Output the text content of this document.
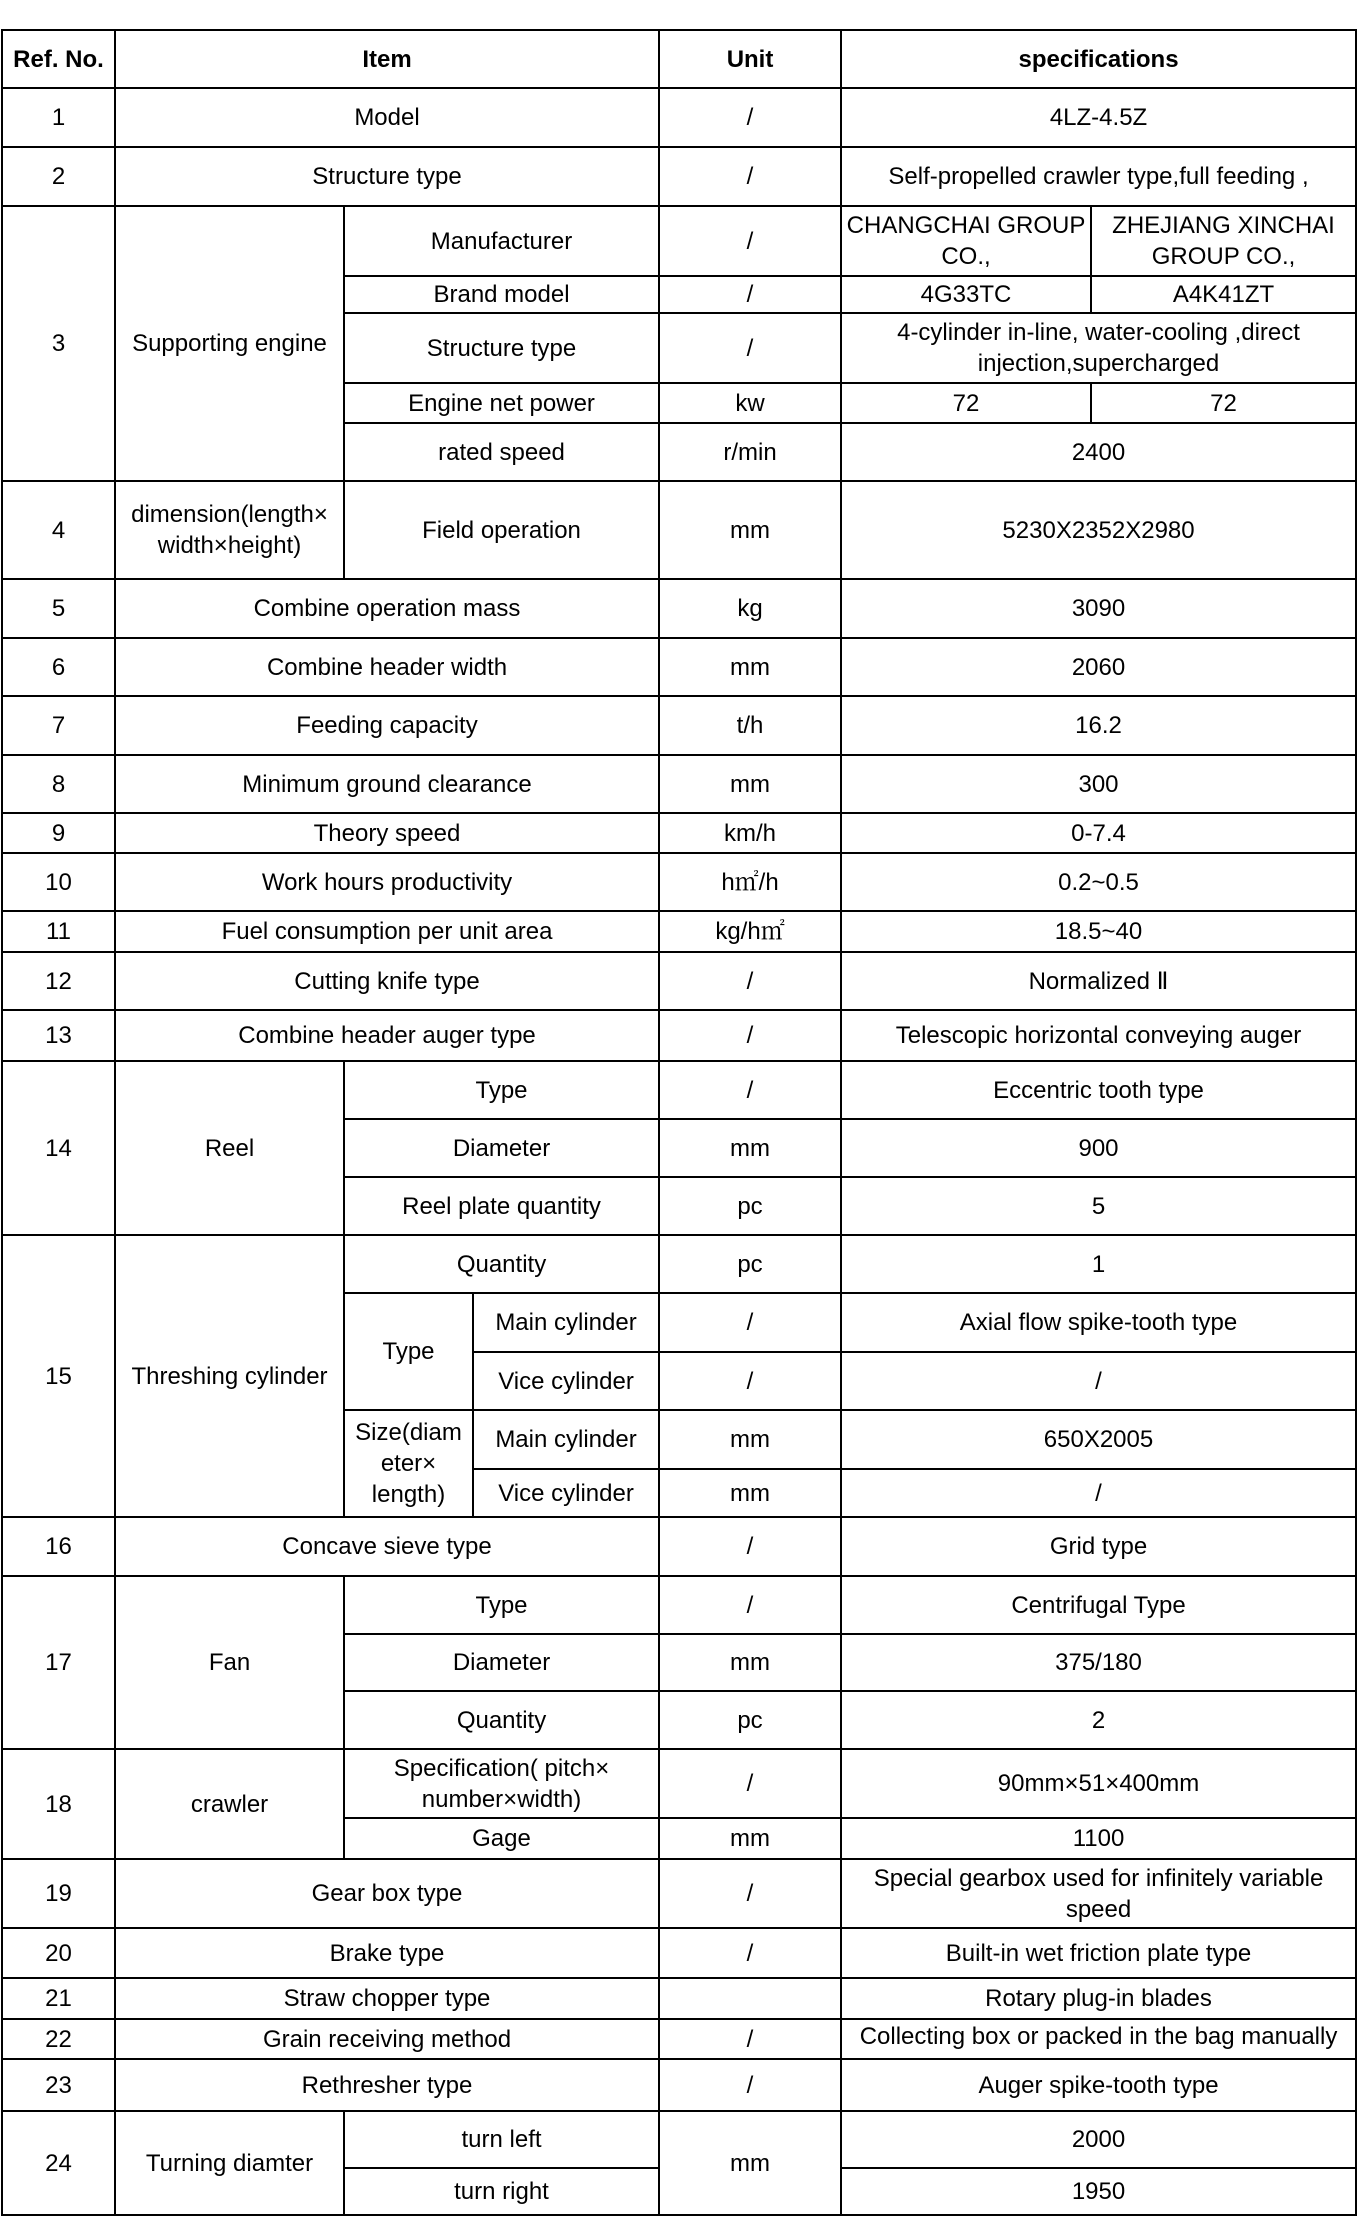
Ref. No.	Item			Unit	specifications	
1	Model			/	4LZ-4.5Z	
2	Structure type			/	Self-propelled crawler type,full feeding ,	
3	Supporting engine	Manufacturer		/	CHANGCHAI GROUP CO.,	ZHEJIANG XINCHAI GROUP CO.,
		Brand model		/	4G33TC	A4K41ZT
		Structure type		/	4-cylinder in-line, water-cooling ,direct injection,supercharged	
		Engine net power		kw	72	72
		rated speed		r/min	2400	
4	dimension(length× width×height)	Field operation		mm	5230X2352X2980	
5	Combine operation mass			kg	3090	
6	Combine header width			mm	2060	
7	Feeding capacity			t/h	16.2	
8	Minimum ground clearance			mm	300	
9	Theory speed			km/h	0-7.4	
10	Work hours productivity			h㎡/h	0.2~0.5	
11	Fuel consumption per unit area			kg/h㎡	18.5~40	
12	Cutting knife type			/	Normalized Ⅱ	
13	Combine header auger type			/	Telescopic horizontal conveying auger	
14	Reel	Type		/	Eccentric tooth type	
		Diameter		mm	900	
		Reel plate quantity		pc	5	
15	Threshing cylinder	Quantity		pc	1	
		Type	Main cylinder	/	Axial flow spike-tooth type	
			Vice cylinder	/	/	
		Size(diam eter× length)	Main cylinder	mm	650X2005	
			Vice cylinder	mm	/	
16	Concave sieve type			/	Grid type	
17	Fan	Type		/	Centrifugal Type	
		Diameter		mm	375/180	
		Quantity		pc	2	
18	crawler	Specification( pitch× number×width)		/	90mm×51×400mm	
		Gage		mm	1100	
19	Gear box type			/	Special gearbox used for infinitely variable speed	
20	Brake type			/	Built-in wet friction plate type	
21	Straw chopper type				Rotary plug-in blades	
22	Grain receiving method			/	Collecting box or packed in the bag manually	

23	Rethresher type			/	Auger spike-tooth type	
24	Turning diamter	turn left		mm	2000	
		turn right			1950	
